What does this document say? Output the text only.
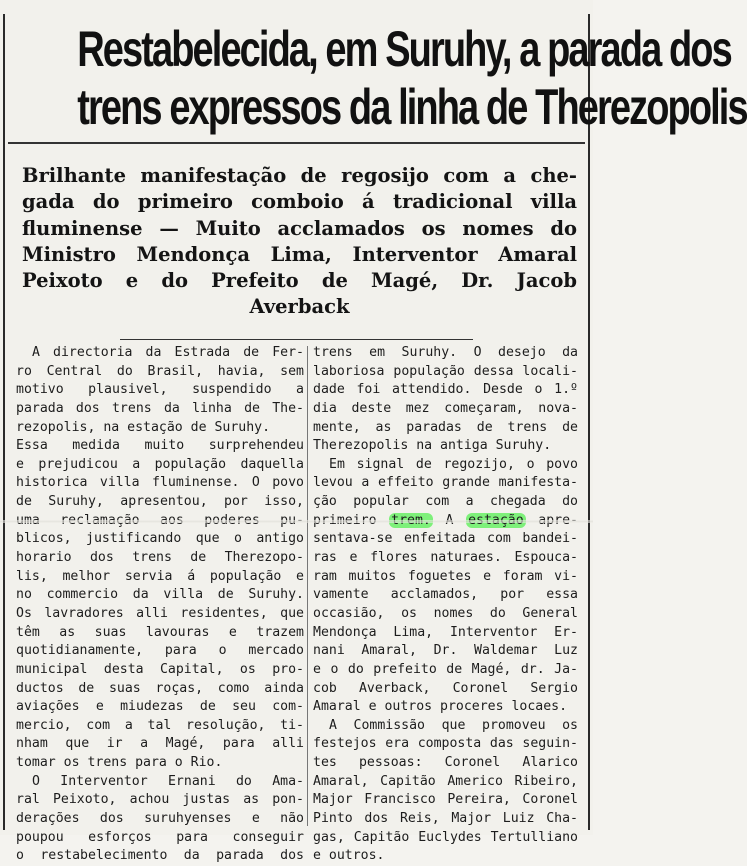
Restabelecida, em Suruhy, a parada dos
trens expressos da linha de Therezopolis
Brilhante manifestação de regosijo com a che-
gada do primeiro comboio á tradicional villa
fluminense — Muito acclamados os nomes do
Ministro Mendonça Lima, Interventor Amaral
Peixoto e do Prefeito de Magé, Dr. Jacob
Averback
A directoria da Estrada de Fer-
ro Central do Brasil, havia, sem
motivo plausivel, suspendido a
parada dos trens da linha de The-
rezopolis, na estação de Suruhy.
Essa medida muito surprehendeu
e prejudicou a população daquella
historica villa fluminense. O povo
de Suruhy, apresentou, por isso,
blicos, justificando que o antigo
horario dos trens de Therezopo-
lis, melhor servia á população e
no commercio da villa de Suruhy.
Os lavradores alli residentes, que
têm as suas lavouras e trazem
quotidianamente, para o mercado
municipal desta Capital, os pro-
ductos de suas roças, como ainda
aviações e miudezas de seu com-
mercio, com a tal resolução, ti-
nham que ir a Magé, para alli
tomar os trens para o Rio.
O Interventor Ernani do Ama-
ral Peixoto, achou justas as pon-
derações dos suruhyenses e não
poupou esforços para conseguir
o restabelecimento da parada dos
trens em Suruhy. O desejo da
laboriosa população dessa locali-
dade foi attendido. Desde o 1.º
dia deste mez começaram, nova-
mente, as paradas de trens de
Therezopolis na antiga Suruhy.
Em signal de regozijo, o povo
levou a effeito grande manifesta-
ção popular com a chegada do
sentava-se enfeitada com bandei-
ras e flores naturaes. Espouca-
ram muitos foguetes e foram vi-
vamente acclamados, por essa
occasião, os nomes do General
Mendonça Lima, Interventor Er-
nani Amaral, Dr. Waldemar Luz
e o do prefeito de Magé, dr. Ja-
cob Averback, Coronel Sergio
Amaral e outros proceres locaes.
A Commissão que promoveu os
festejos era composta das seguin-
tes pessoas: Coronel Alarico
Amaral, Capitão Americo Ribeiro,
Major Francisco Pereira, Coronel
Pinto dos Reis, Major Luiz Cha-
gas, Capitão Euclydes Tertulliano
e outros.
